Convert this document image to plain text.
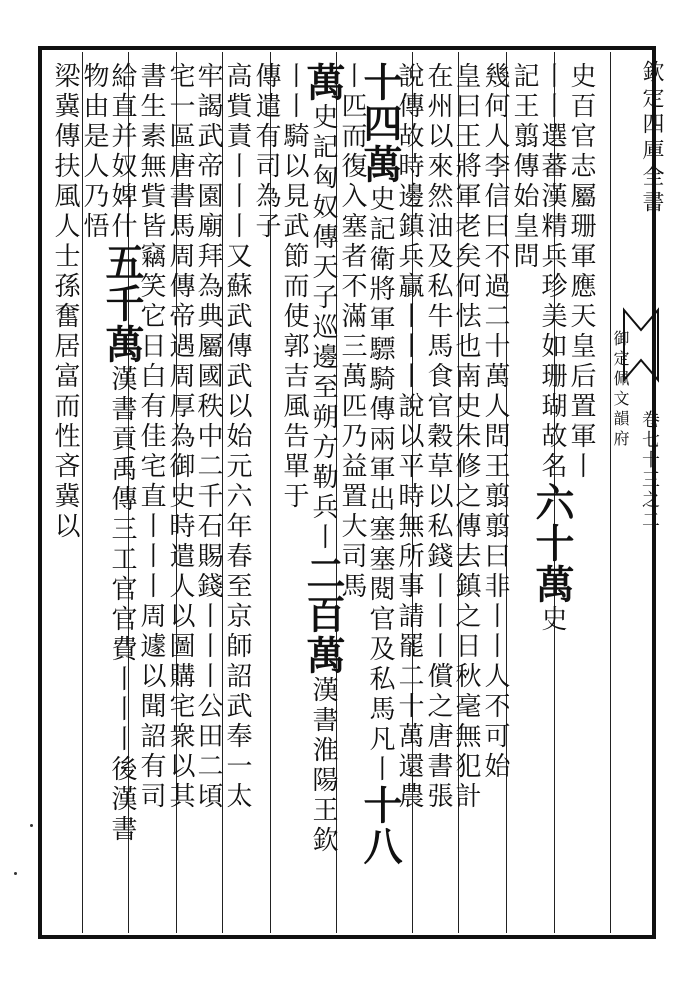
欽定四庫全書
御定佩文韻府
卷七十三之二
史百官志屬珊軍應天皇后置軍丨
丨丨選蕃漢精兵珍美如珊瑚故名六十萬史
記王翦傳始皇問
幾何人李信曰不過二十萬人問王翦翦曰非丨丨人不可始
皇曰王將軍老矣何怯也南史朱修之傳去鎮之日秋毫無犯計
在州以來然油及私牛馬食官穀草以私錢丨丨丨償之唐書張
說傳故時邊鎮兵贏丨丨丨說以平時無所事請罷二十萬還農
十四萬史記衛將軍驃騎傳兩軍出塞塞閱官及私馬凡丨十八
丨匹而復入塞者不滿三萬匹乃益置大司馬
萬史記匈奴傳天子巡邊至朔方勒兵丨二百萬漢書淮陽王欽
丨丨騎以見武節而使郭吉風告單于
傳遣有司為子
高貲責丨丨丨又蘇武傳武以始元六年春至京師詔武奉一太
牢謁武帝園廟拜為典屬國秩中二千石賜錢丨丨丨公田二頃
宅一區唐書馬周傳帝遇周厚為御史時遣人以圖購宅衆以其
書生素無貲皆竊笑它日白有佳宅直丨丨丨周遽以聞詔有司
給直并奴婢什五千萬漢書貢禹傳三工官官費丨丨丨後漢書
物由是人乃悟
梁冀傳扶風人士孫奮居富而性吝冀以
